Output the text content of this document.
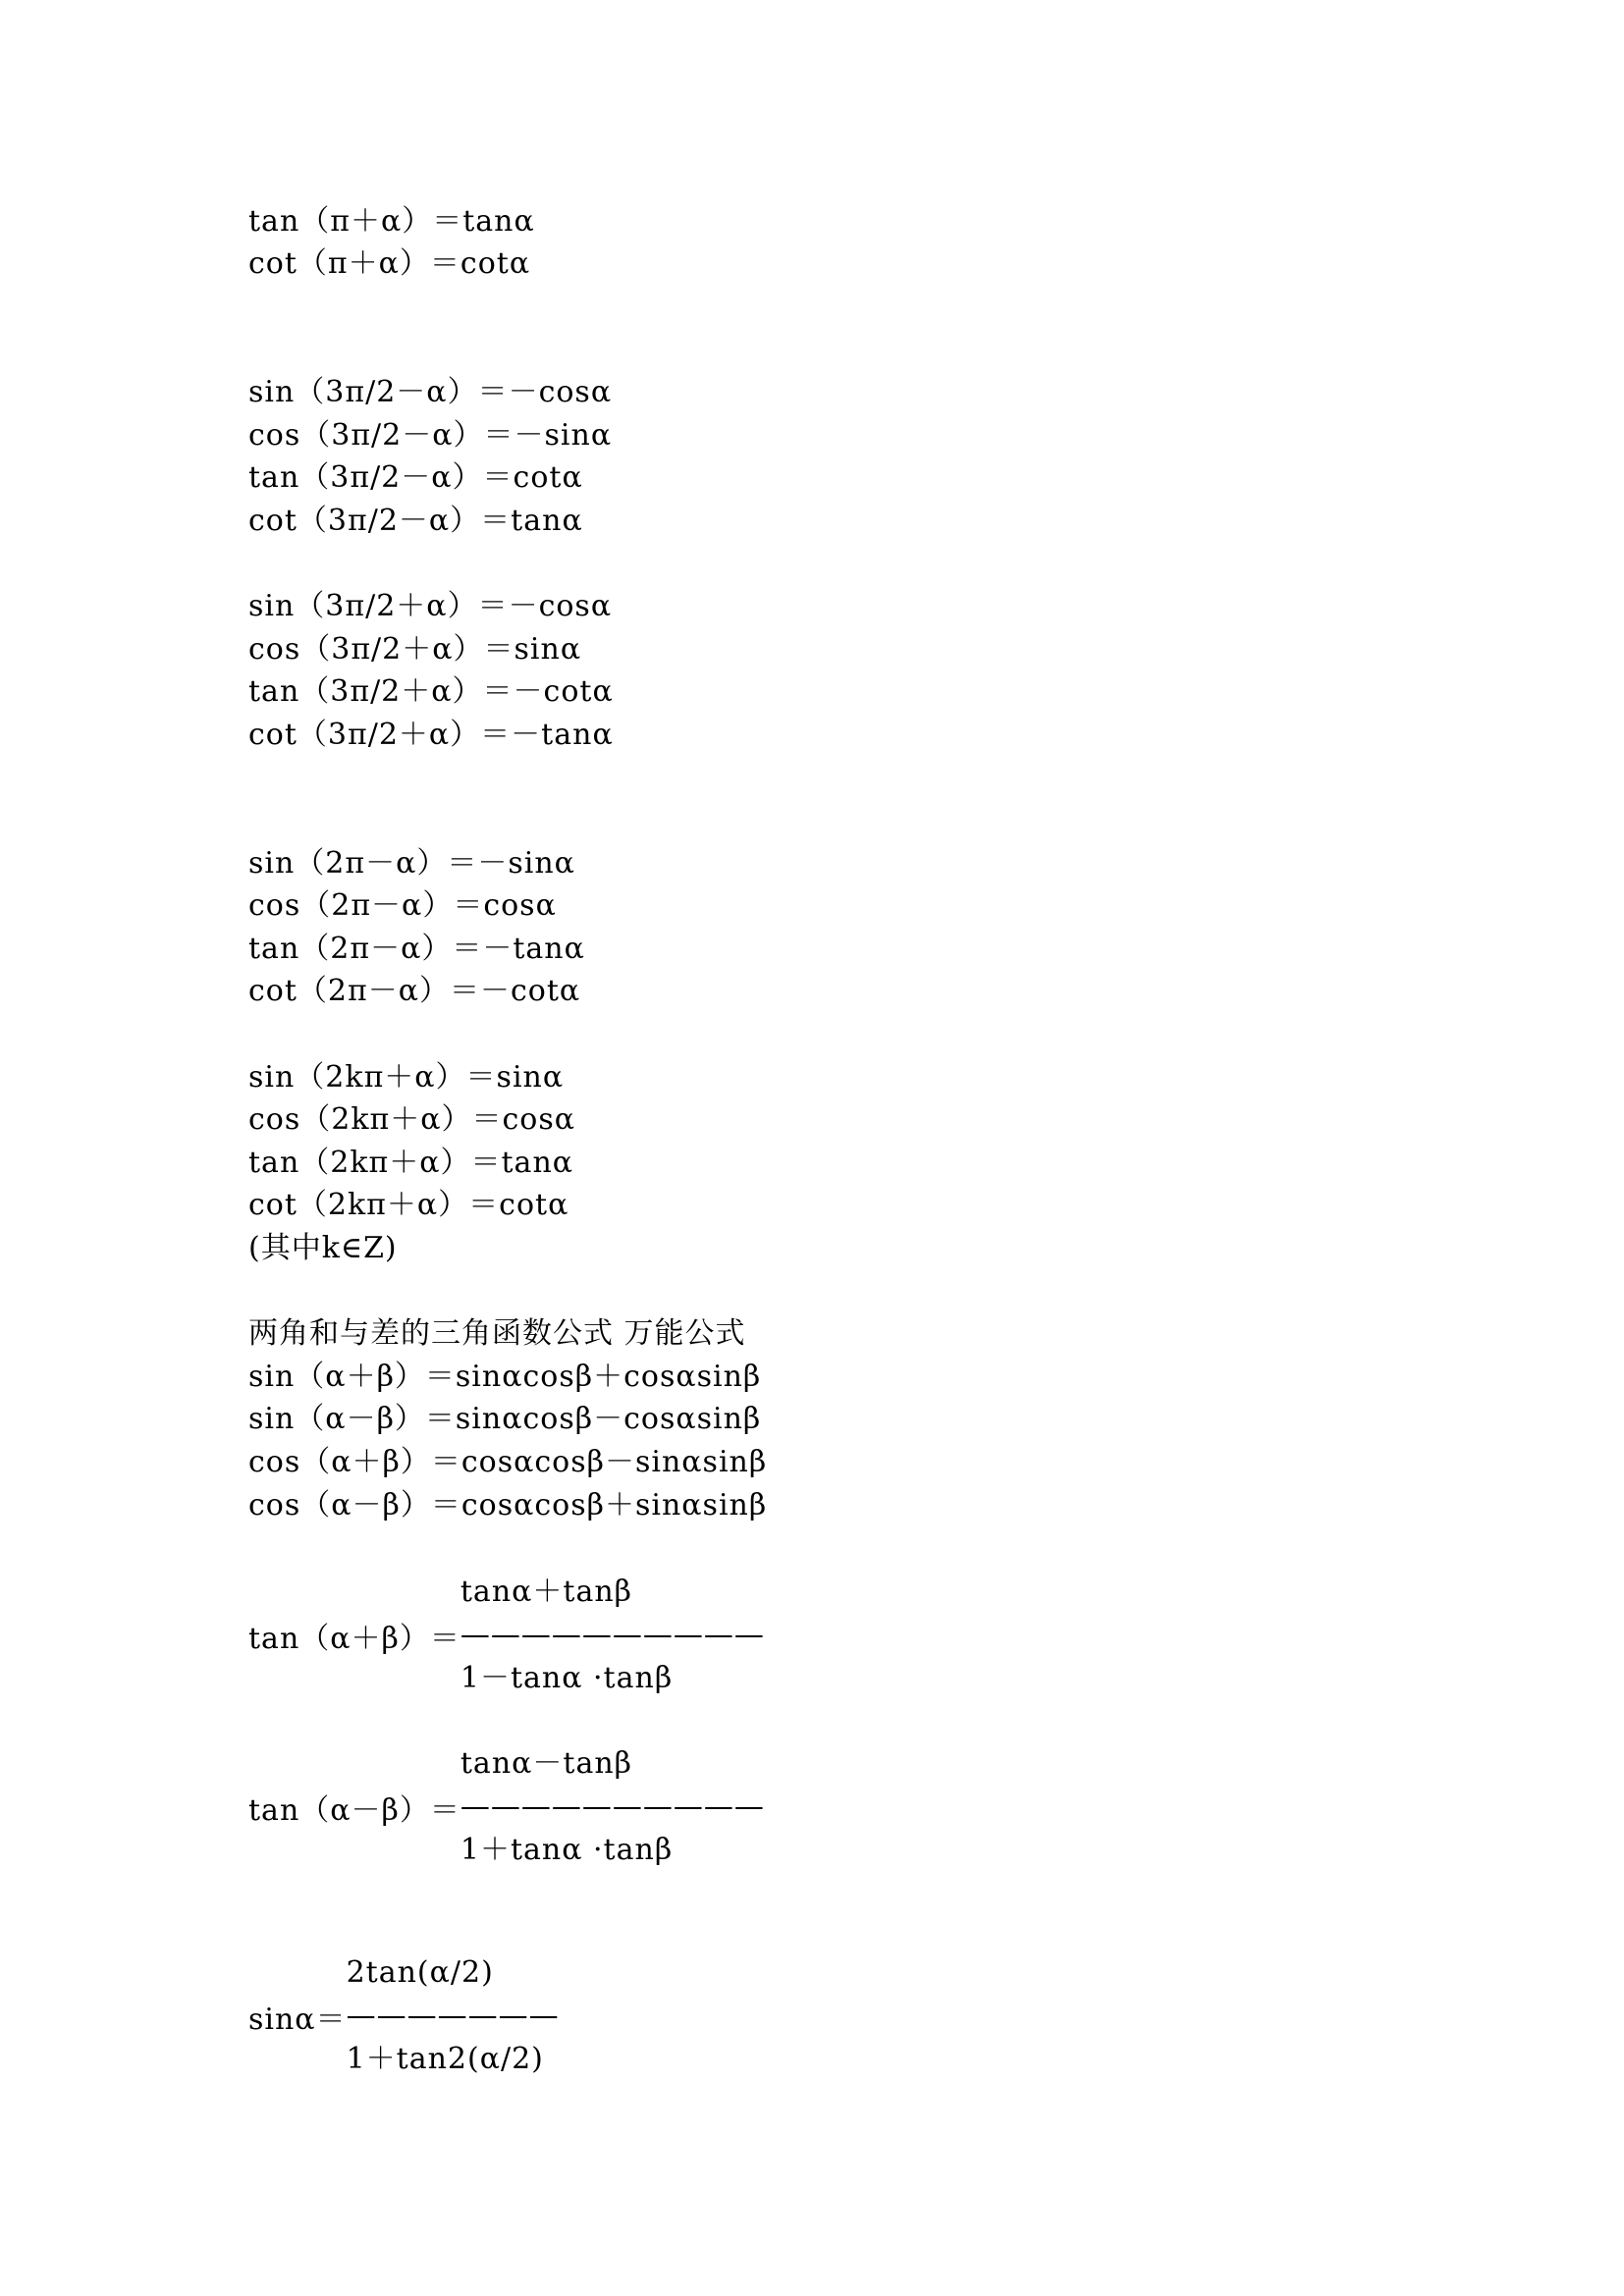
tan（π＋α）＝tanα
cot（π＋α）＝cotα
sin（3π/2－α）＝－cosα
cos（3π/2－α）＝－sinα
tan（3π/2－α）＝cotα
cot（3π/2－α）＝tanα
sin（3π/2＋α）＝－cosα
cos（3π/2＋α）＝sinα
tan（3π/2＋α）＝－cotα
cot（3π/2＋α）＝－tanα
sin（2π－α）＝－sinα
cos（2π－α）＝cosα
tan（2π－α）＝－tanα
cot（2π－α）＝－cotα
sin（2kπ＋α）＝sinα
cos（2kπ＋α）＝cosα
tan（2kπ＋α）＝tanα
cot（2kπ＋α）＝cotα
(其中k∈Z)
两角和与差的三角函数公式 万能公式
sin（α＋β）＝sinαcosβ＋cosαsinβ
sin（α－β）＝sinαcosβ－cosαsinβ
cos（α＋β）＝cosαcosβ－sinαsinβ
cos（α－β）＝cosαcosβ＋sinαsinβ
tan（α＋β）＝
tanα＋tanβ
——————————
1－tanα ·tanβ
tan（α－β）＝
tanα－tanβ
——————————
1＋tanα ·tanβ
sinα＝
2tan(α/2)
———————
1＋tan2(α/2)
